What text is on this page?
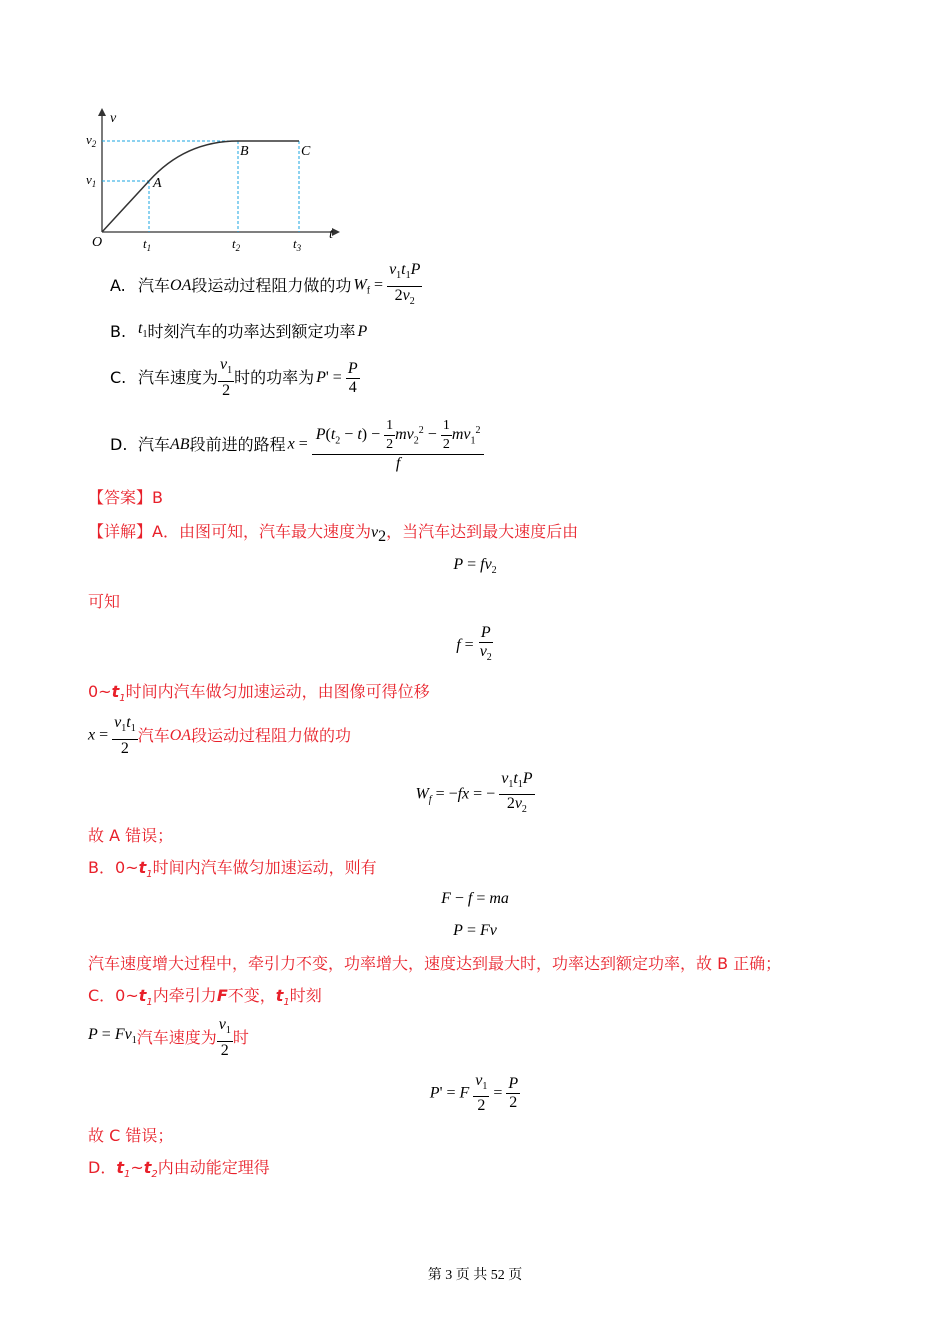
v
t
O
$v_2$
$v_1$
$t_1$	$t_2$	$t_3$
A
B	C
A. 汽车 OA 段运动过程阻力做的功 $W_f = \frac{v_1t_1P}{2v_2}$
B. $t_1$ 时刻汽车的功率达到额定功率 P
C. 汽车速度为 $\frac{v_1}{2}$ 时的功率为 $P' = \frac{P}{4}$
D. 汽车 AB 段前进的路程 $x = \frac{P(t_2 - t) - \frac{1}{2} mv_2^2 - \frac{1}{2} mv_1^2}{f}$
【答案】B
【详解】A．由图可知，汽车最大速度为$v_2$，当汽车达到最大速度后由
$P = fv_2$
可知
$f = \frac{P}{v_2}$
$0\sim t_1$时间内汽车做匀加速运动，由图像可得位移
$x = \frac{v_1t_1}{2}$ 汽车 OA 段运动过程阻力做的功
$W_f = -fx$ = − $\frac{v_1t_1P}{2v_2}$
故 A 错误；
B．$0\sim t_1$时间内汽车做匀加速运动，则有
F − f = ma
P = Fv
汽车速度增大过程中，牵引力不变，功率增大，速度达到最大时，功率达到额定功率，故 B 正确；
C．$0\sim t_1$内牵引力F不变，$t_1$时刻
$P = Fv_1$ 汽车速度为 $\frac{v_1}{2}$ 时
P' = F $\frac{v_1}{2} = \frac{P}{2}$
故 C 错误；
D．$t_1\sim t_2$内由动能定理得
第 3 页 共 52 页
